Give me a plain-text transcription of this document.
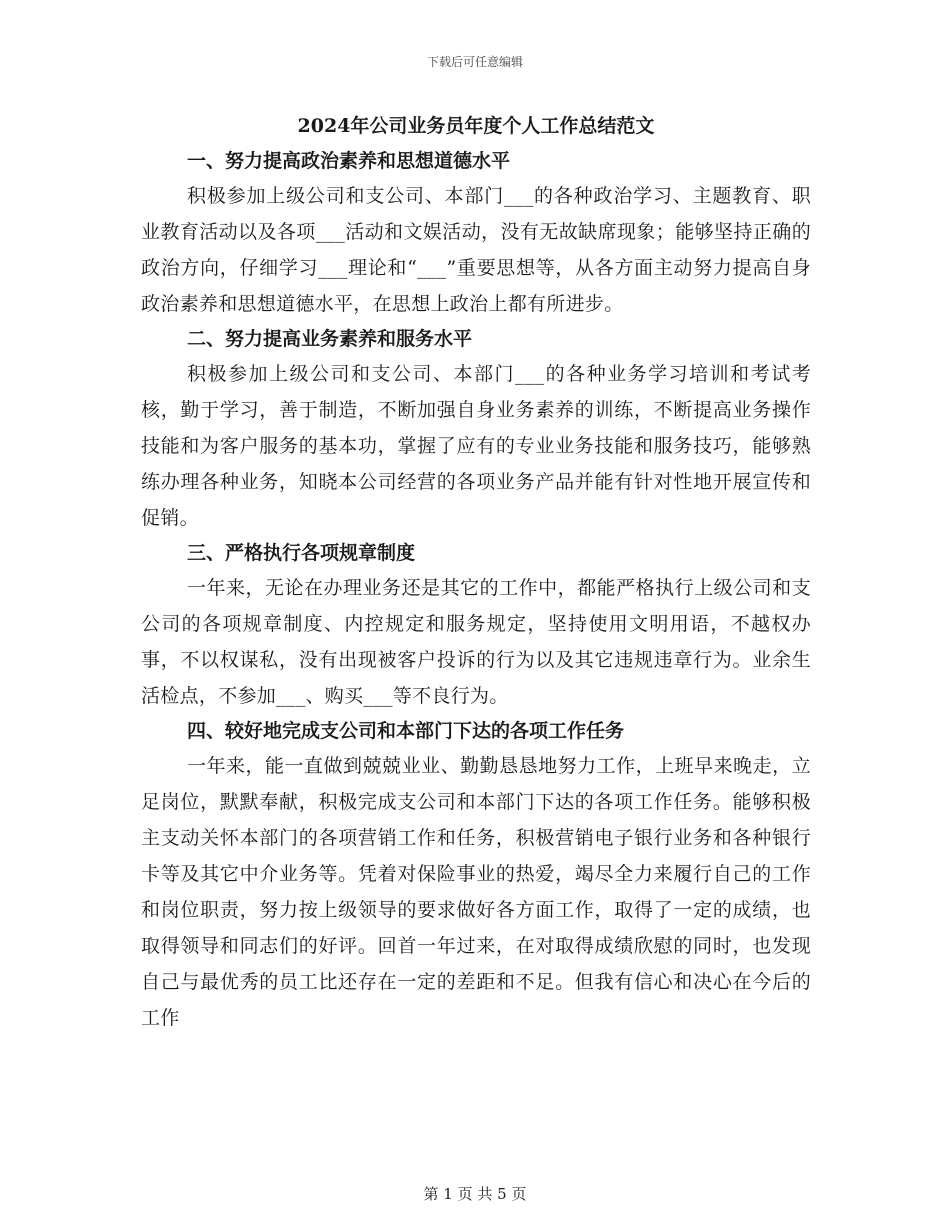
下载后可任意编辑
2024年公司业务员年度个人工作总结范文
一、努力提高政治素养和思想道德水平

积极参加上级公司和支公司、本部门___的各种政治学习、主题教育、职业教育活动以及各项___活动和文娱活动，没有无故缺席现象；能够坚持正确的政治方向，仔细学习___理论和“___”重要思想等，从各方面主动努力提高自身政治素养和思想道德水平，在思想上政治上都有所进步。

二、努力提高业务素养和服务水平

积极参加上级公司和支公司、本部门___的各种业务学习培训和考试考核，勤于学习，善于制造，不断加强自身业务素养的训练，不断提高业务操作技能和为客户服务的基本功，掌握了应有的专业业务技能和服务技巧，能够熟练办理各种业务，知晓本公司经营的各项业务产品并能有针对性地开展宣传和促销。

三、严格执行各项规章制度

一年来，无论在办理业务还是其它的工作中，都能严格执行上级公司和支公司的各项规章制度、内控规定和服务规定，坚持使用文明用语，不越权办事，不以权谋私，没有出现被客户投诉的行为以及其它违规违章行为。业余生活检点，不参加___、购买___等不良行为。

四、较好地完成支公司和本部门下达的各项工作任务

一年来，能一直做到兢兢业业、勤勤恳恳地努力工作，上班早来晚走，立足岗位，默默奉献，积极完成支公司和本部门下达的各项工作任务。能够积极主支动关怀本部门的各项营销工作和任务，积极营销电子银行业务和各种银行卡等及其它中介业务等。凭着对保险事业的热爱，竭尽全力来履行自己的工作和岗位职责，努力按上级领导的要求做好各方面工作，取得了一定的成绩，也取得领导和同志们的好评。回首一年过来，在对取得成绩欣慰的同时，也发现自己与最优秀的员工比还存在一定的差距和不足。但我有信心和决心在今后的工作

第 1 页 共 5 页
